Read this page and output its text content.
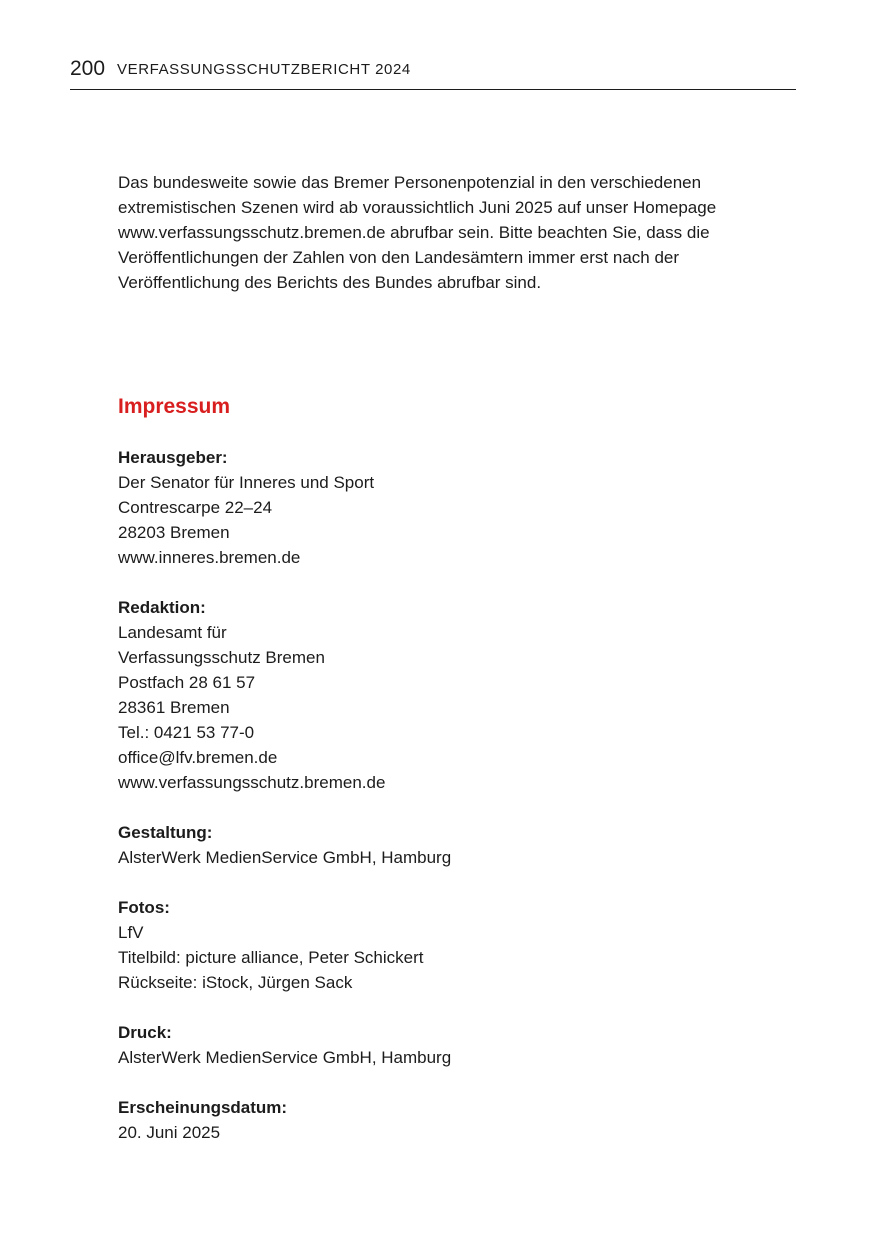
200 VERFASSUNGSSCHUTZBERICHT 2024

Das bundesweite sowie das Bremer Personenpotenzial in den verschiedenen
extremistischen Szenen wird ab voraussichtlich Juni 2025 auf unser Homepage
www.verfassungsschutz.bremen.de abrufbar sein. Bitte beachten Sie, dass die
Veröffentlichungen der Zahlen von den Landesämtern immer erst nach der
Veröffentlichung des Berichts des Bundes abrufbar sind.

Impressum
Herausgeber:
Der Senator für Inneres und Sport
Contrescarpe 22–24
28203 Bremen
www.inneres.bremen.de
Redaktion:
Landesamt für
Verfassungsschutz Bremen
Postfach 28 61 57
28361 Bremen
Tel.: 0421 53 77-0
office@lfv.bremen.de
www.verfassungsschutz.bremen.de
Gestaltung:
AlsterWerk MedienService GmbH, Hamburg
Fotos:
LfV
Titelbild: picture alliance, Peter Schickert
Rückseite: iStock, Jürgen Sack
Druck:
AlsterWerk MedienService GmbH, Hamburg
Erscheinungsdatum:
20. Juni 2025
